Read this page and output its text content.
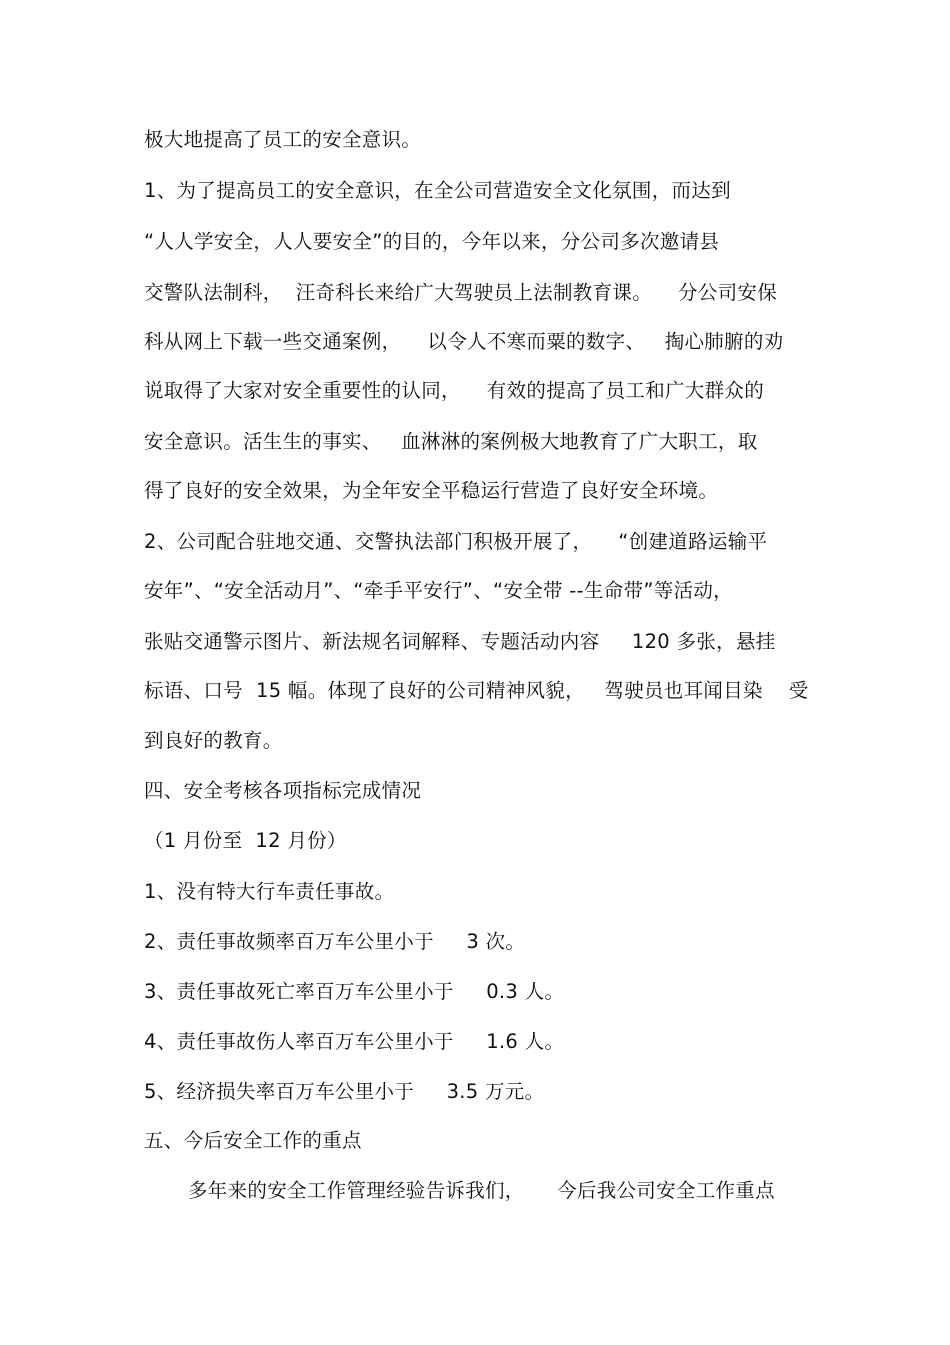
极大地提高了员工的安全意识。
1、为了提高员工的安全意识，在全公司营造安全文化氛围，而达到
“人人学安全，人人要安全”的目的，今年以来，分公司多次邀请县
交警队法制科，  汪奇科长来给广大驾驶员上法制教育课。    分公司安保
科从网上下载一些交通案例，    以令人不寒而粟的数字、   掏心肺腑的劝
说取得了大家对安全重要性的认同，    有效的提高了员工和广大群众的
安全意识。活生生的事实、   血淋淋的案例极大地教育了广大职工，取
得了良好的安全效果，为全年安全平稳运行营造了良好安全环境。
2、公司配合驻地交通、交警执法部门积极开展了，    “创建道路运输平
安年”、“安全活动月”、“牵手平安行”、“安全带 --生命带”等活动，
张贴交通警示图片、新法规名词解释、专题活动内容     120 多张，悬挂
标语、口号  15 幅。体现了良好的公司精神风貌，   驾驶员也耳闻目染    受
到良好的教育。
四、安全考核各项指标完成情况
（1 月份至  12 月份）
1、没有特大行车责任事故。
2、责任事故频率百万车公里小于     3 次。
3、责任事故死亡率百万车公里小于     0.3 人。
4、责任事故伤人率百万车公里小于     1.6 人。
5、经济损失率百万车公里小于     3.5 万元。
五、今后安全工作的重点
多年来的安全工作管理经验告诉我们，     今后我公司安全工作重点
